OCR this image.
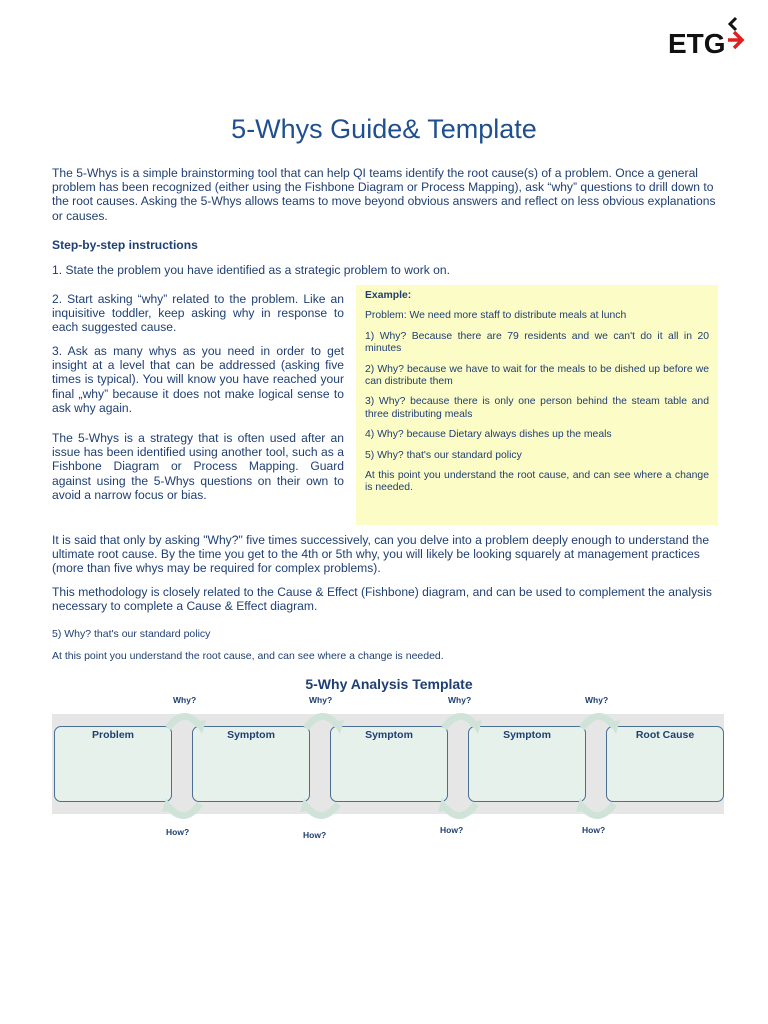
ETG
5-Whys Guide& Template
The 5-Whys is a simple brainstorming tool that can help QI teams identify the root cause(s) of a problem. Once a general problem has been recognized (either using the Fishbone Diagram or Process Mapping), ask “why” questions to drill down to the root causes. Asking the 5-Whys allows teams to move beyond obvious answers and reflect on less obvious explanations or causes.
Step-by-step instructions
1. State the problem you have identified as a strategic problem to work on.
2. Start asking “why” related to the problem. Like an inquisitive toddler, keep asking why in response to each suggested cause.
3. Ask as many whys as you need in order to get insight at a level that can be addressed (asking five times is typical). You will know you have reached your final „why” because it does not make logical sense to ask why again.
The 5-Whys is a strategy that is often used after an issue has been identified using another tool, such as a Fishbone Diagram or Process Mapping. Guard against using the 5-Whys questions on their own to avoid a narrow focus or bias.
Example:
Problem: We need more staff to distribute meals at lunch
1) Why? Because there are 79 residents and we can't do it all in 20 minutes
2) Why? because we have to wait for the meals to be dished up before we can distribute them
3) Why? because there is only one person behind the steam table and three distributing meals
4) Why? because Dietary always dishes up the meals
5) Why? that's our standard policy
At this point you understand the root cause, and can see where a change is needed.
It is said that only by asking "Why?" five times successively, can you delve into a problem deeply enough to understand the ultimate root cause. By the time you get to the 4th or 5th why, you will likely be looking squarely at management practices (more than five whys may be required for complex problems).
This methodology is closely related to the Cause & Effect (Fishbone) diagram, and can be used to complement the analysis necessary to complete a Cause & Effect diagram.
5) Why? that's our standard policy
At this point you understand the root cause, and can see where a change is needed.
5-Why Analysis Template
Problem	Symptom	Symptom	Symptom	Root Cause
Why?	Why?	Why?	Why?
How?	How?	How?	How?
